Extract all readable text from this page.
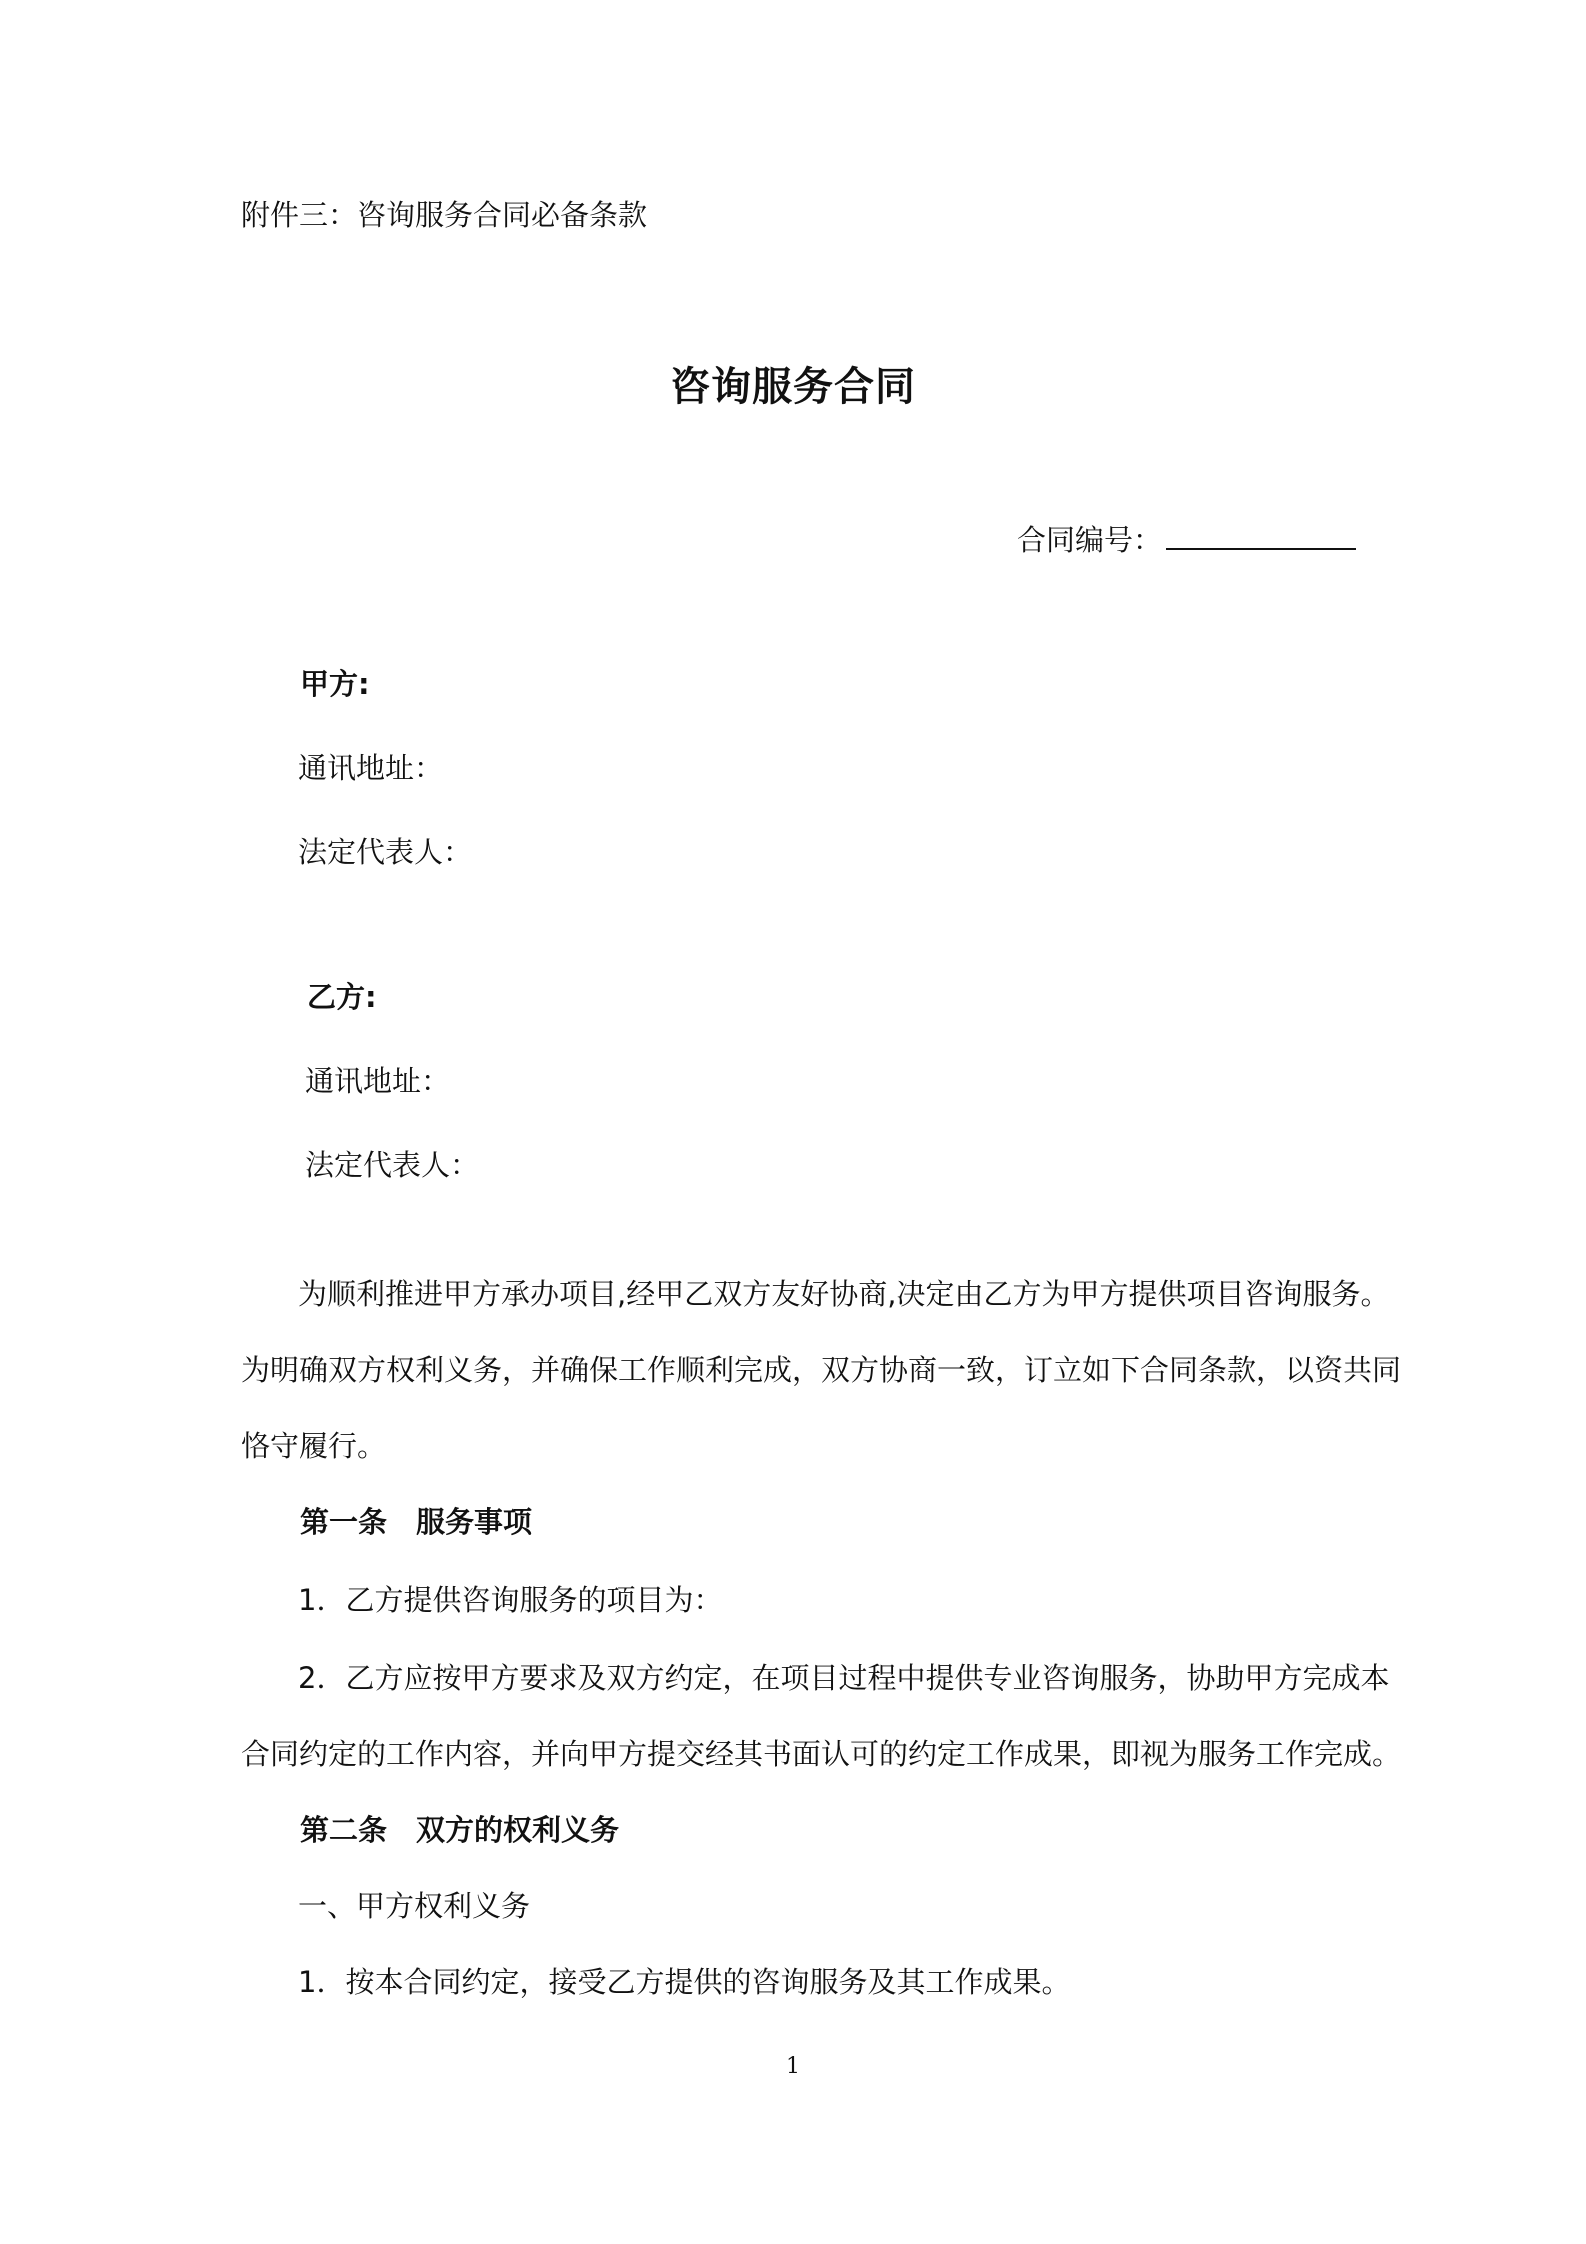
附件三：咨询服务合同必备条款
咨询服务合同
合同编号：
甲方:
通讯地址：
法定代表人：
乙方:
通讯地址：
法定代表人：
为顺利推进甲方承办项目,经甲乙双方友好协商,决定由乙方为甲方提供项目咨询服务。
为明确双方权利义务，并确保工作顺利完成，双方协商一致，订立如下合同条款，以资共同
恪守履行。
第一条　服务事项
1．乙方提供咨询服务的项目为：
2．乙方应按甲方要求及双方约定，在项目过程中提供专业咨询服务，协助甲方完成本
合同约定的工作内容，并向甲方提交经其书面认可的约定工作成果，即视为服务工作完成。
第二条　双方的权利义务
一、甲方权利义务
1．按本合同约定，接受乙方提供的咨询服务及其工作成果。
1
